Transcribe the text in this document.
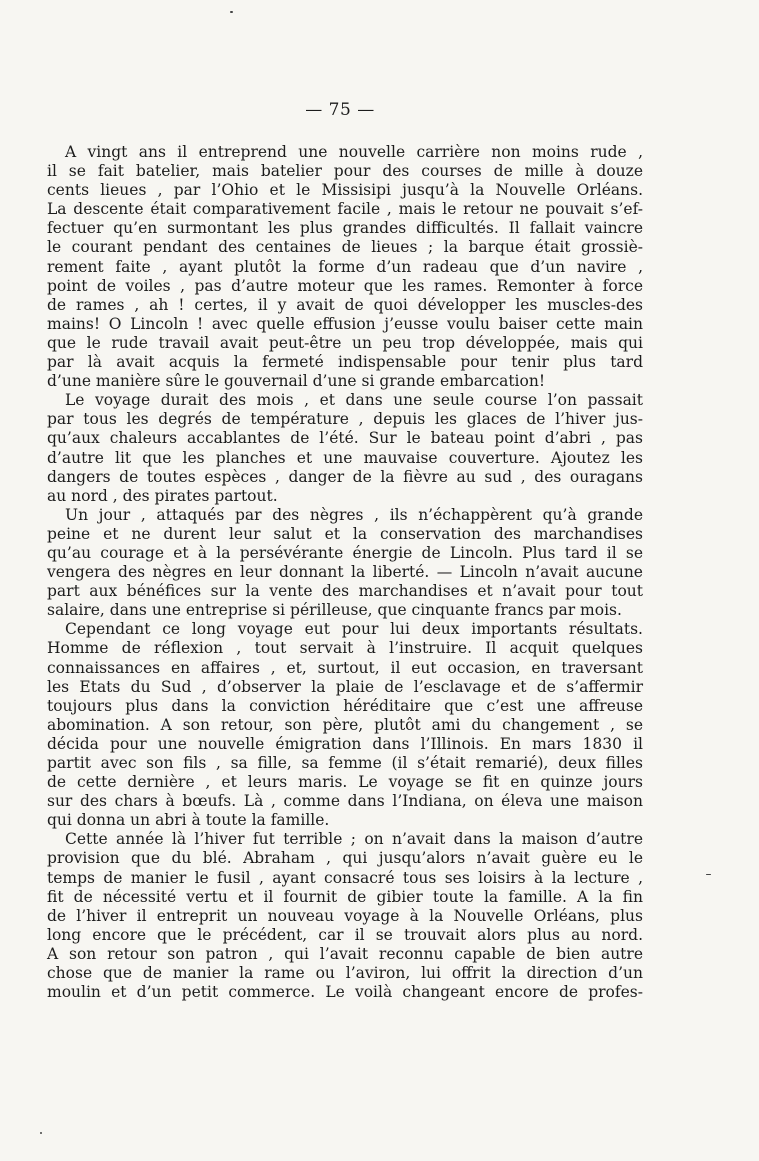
— 75 —
A vingt ans il entreprend une nouvelle carrière non moins rude ,
il se fait batelier, mais batelier pour des courses de mille à douze
cents lieues , par l’Ohio et le Missisipi jusqu’à la Nouvelle Orléans.
La descente était comparativement facile , mais le retour ne pouvait s’ef-
fectuer qu’en surmontant les plus grandes difficultés. Il fallait vaincre
le courant pendant des centaines de lieues ; la barque était grossiè-
rement faite , ayant plutôt la forme d’un radeau que d’un navire ,
point de voiles , pas d’autre moteur que les rames. Remonter à force
de rames , ah ! certes, il y avait de quoi développer les muscles-des
mains! O Lincoln ! avec quelle effusion j’eusse voulu baiser cette main
que le rude travail avait peut-être un peu trop développée, mais qui
par là avait acquis la fermeté indispensable pour tenir plus tard
d’une manière sûre le gouvernail d’une si grande embarcation!
Le voyage durait des mois , et dans une seule course l’on passait
par tous les degrés de température , depuis les glaces de l’hiver jus-
qu’aux chaleurs accablantes de l’été. Sur le bateau point d’abri , pas
d’autre lit que les planches et une mauvaise couverture. Ajoutez les
dangers de toutes espèces , danger de la fièvre au sud , des ouragans
au nord , des pirates partout.
Un jour , attaqués par des nègres , ils n’échappèrent qu’à grande
peine et ne durent leur salut et la conservation des marchandises
qu’au courage et à la persévérante énergie de Lincoln. Plus tard il se
vengera des nègres en leur donnant la liberté. — Lincoln n’avait aucune
part aux bénéfices sur la vente des marchandises et n’avait pour tout
salaire, dans une entreprise si périlleuse, que cinquante francs par mois.
Cependant ce long voyage eut pour lui deux importants résultats.
Homme de réflexion , tout servait à l’instruire. Il acquit quelques
connaissances en affaires , et, surtout, il eut occasion, en traversant
les Etats du Sud , d’observer la plaie de l’esclavage et de s’affermir
toujours plus dans la conviction héréditaire que c’est une affreuse
abomination. A son retour, son père, plutôt ami du changement , se
décida pour une nouvelle émigration dans l’Illinois. En mars 1830 il
partit avec son fils , sa fille, sa femme (il s’était remarié), deux filles
de cette dernière , et leurs maris. Le voyage se fit en quinze jours
sur des chars à bœufs. Là , comme dans l’Indiana, on éleva une maison
qui donna un abri à toute la famille.
Cette année là l’hiver fut terrible ; on n’avait dans la maison d’autre
provision que du blé. Abraham , qui jusqu’alors n’avait guère eu le
temps de manier le fusil , ayant consacré tous ses loisirs à la lecture ,
fit de nécessité vertu et il fournit de gibier toute la famille. A la fin
de l’hiver il entreprit un nouveau voyage à la Nouvelle Orléans, plus
long encore que le précédent, car il se trouvait alors plus au nord.
A son retour son patron , qui l’avait reconnu capable de bien autre
chose que de manier la rame ou l’aviron, lui offrit la direction d’un
moulin et d’un petit commerce. Le voilà changeant encore de profes-
